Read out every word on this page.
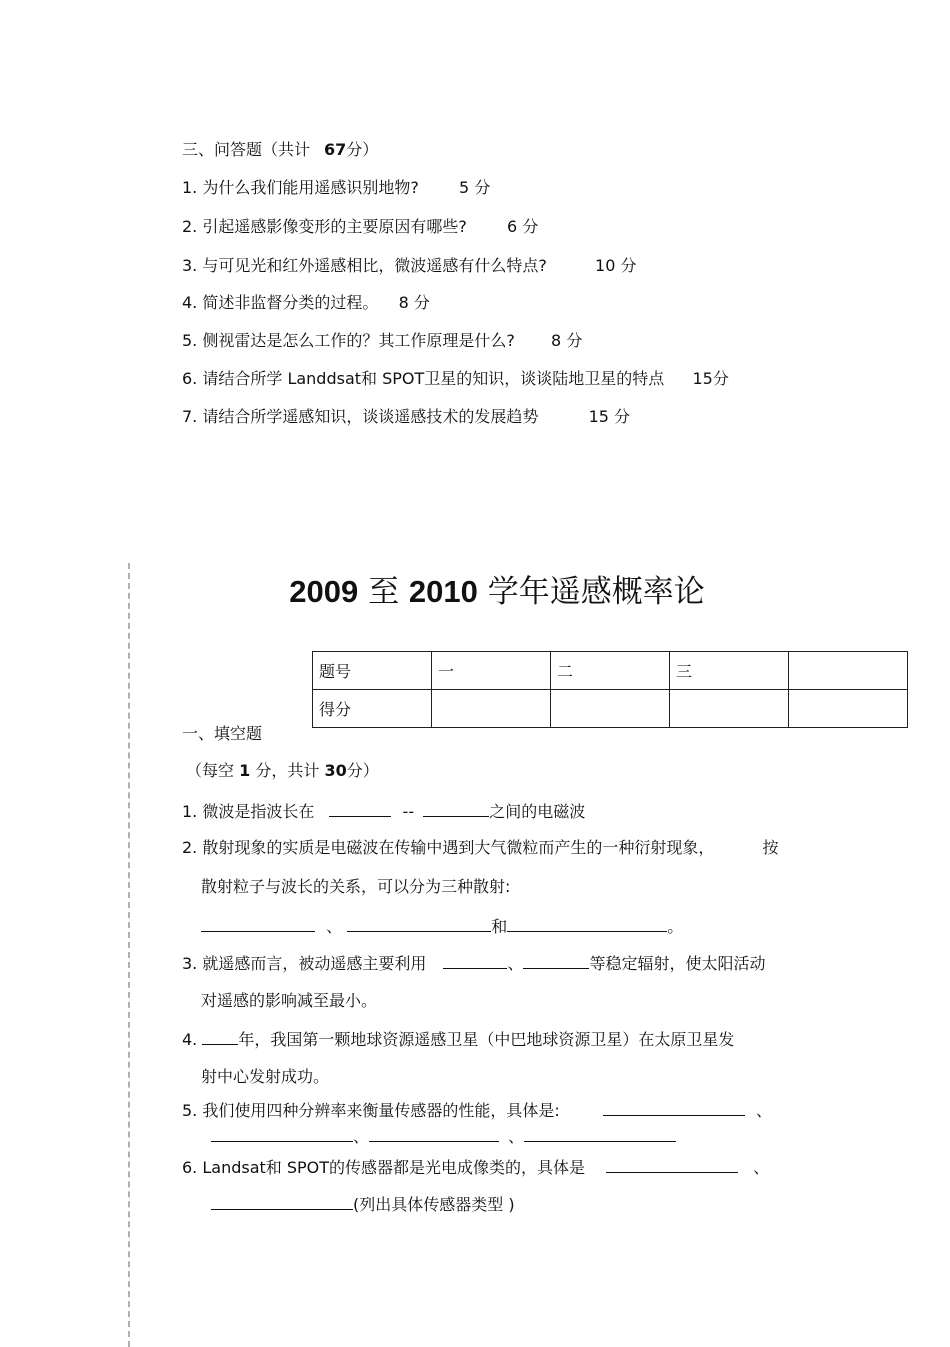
三、问答题（共计 67分）
1. 为什么我们能用遥感识别地物?	5 分
2. 引起遥感影像变形的主要原因有哪些?	6 分
3. 与可见光和红外遥感相比，微波遥感有什么特点?	10 分
4. 简述非监督分类的过程。 8 分
5. 侧视雷达是怎么工作的？其工作原理是什么? 8 分
6. 请结合所学 Landdsat和 SPOT卫星的知识，谈谈陆地卫星的特点 15分
7. 请结合所学遥感知识，谈谈遥感技术的发展趋势	15 分
2009 至 2010 学年遥感概率论
题号	一	二	三	
得分				
一、填空题
（每空 1 分，共计 30分）
1. 微波是指波长在	--	之间的电磁波
2. 散射现象的实质是电磁波在传输中遇到大气微粒而产生的一种衍射现象，	按
散射粒子与波长的关系，可以分为三种散射:
、	和	。
3. 就遥感而言，被动遥感主要利用	、	等稳定辐射，使太阳活动
对遥感的影响减至最小。
4.	年，我国第一颗地球资源遥感卫星（中巴地球资源卫星）在太原卫星发
射中心发射成功。
5. 我们使用四种分辨率来衡量传感器的性能，具体是:	、
、	、
6. Landsat和 SPOT的传感器都是光电成像类的，具体是	、
(列出具体传感器类型 )
